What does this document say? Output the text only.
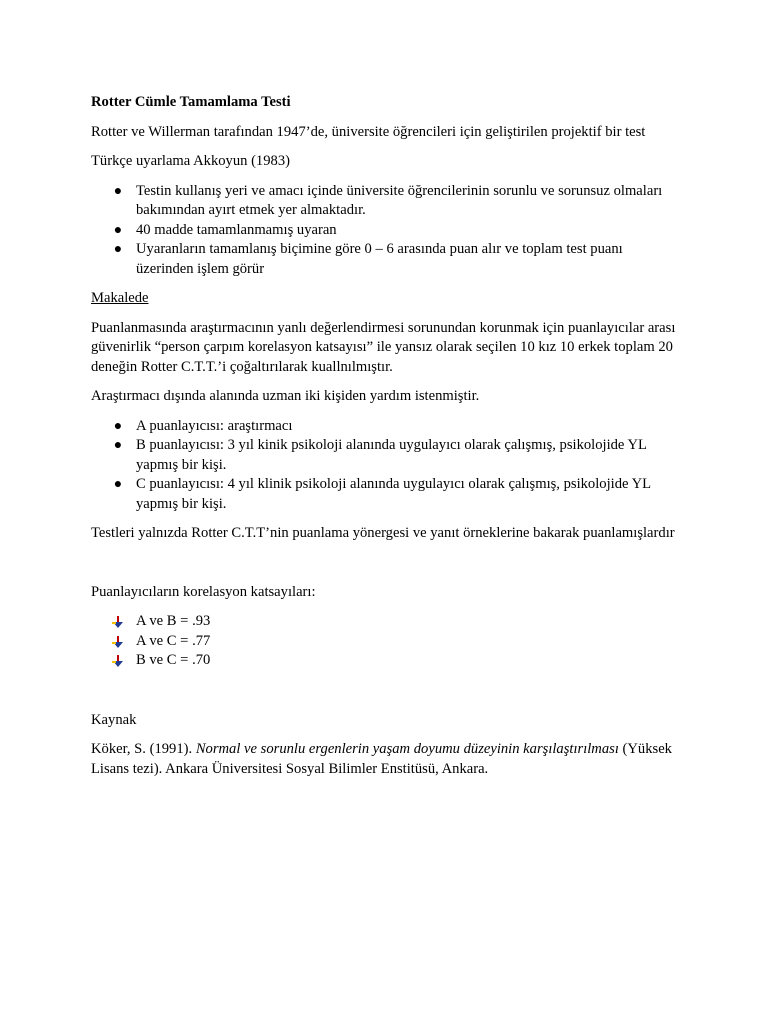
Rotter Cümle Tamamlama Testi

Rotter ve Willerman tarafından 1947’de, üniversite öğrencileri için geliştirilen projektif bir test

Türkçe uyarlama Akkoyun (1983)

● Testin kullanış yeri ve amacı içinde üniversite öğrencilerinin sorunlu ve sorunsuz olmaları bakımından ayırt etmek yer almaktadır.
● 40 madde tamamlanmamış uyaran
● Uyaranların tamamlanış biçimine göre 0 – 6 arasında puan alır ve toplam test puanı üzerinden işlem görür

Makalede

Puanlanmasında araştırmacının yanlı değerlendirmesi sorunundan korunmak için puanlayıcılar arası güvenirlik “person çarpım korelasyon katsayısı” ile yansız olarak seçilen 10 kız 10 erkek toplam 20 deneğin Rotter C.T.T.’i çoğaltırılarak kuallnılmıştır.

Araştırmacı dışında alanında uzman iki kişiden yardım istenmiştir.

● A puanlayıcısı: araştırmacı
● B puanlayıcısı: 3 yıl kinik psikoloji alanında uygulayıcı olarak çalışmış, psikolojide YL yapmış bir kişi.
● C puanlayıcısı: 4 yıl klinik psikoloji alanında uygulayıcı olarak çalışmış, psikolojide YL yapmış bir kişi.

Testleri yalnızda Rotter C.T.T’nin puanlama yönergesi ve yanıt örneklerine bakarak puanlamışlardır

Puanlayıcıların korelasyon katsayıları:

A ve B = .93
A ve C = .77
B ve C = .70

Kaynak

Köker, S. (1991). Normal ve sorunlu ergenlerin yaşam doyumu düzeyinin karşılaştırılması (Yüksek Lisans tezi). Ankara Üniversitesi Sosyal Bilimler Enstitüsü, Ankara.
